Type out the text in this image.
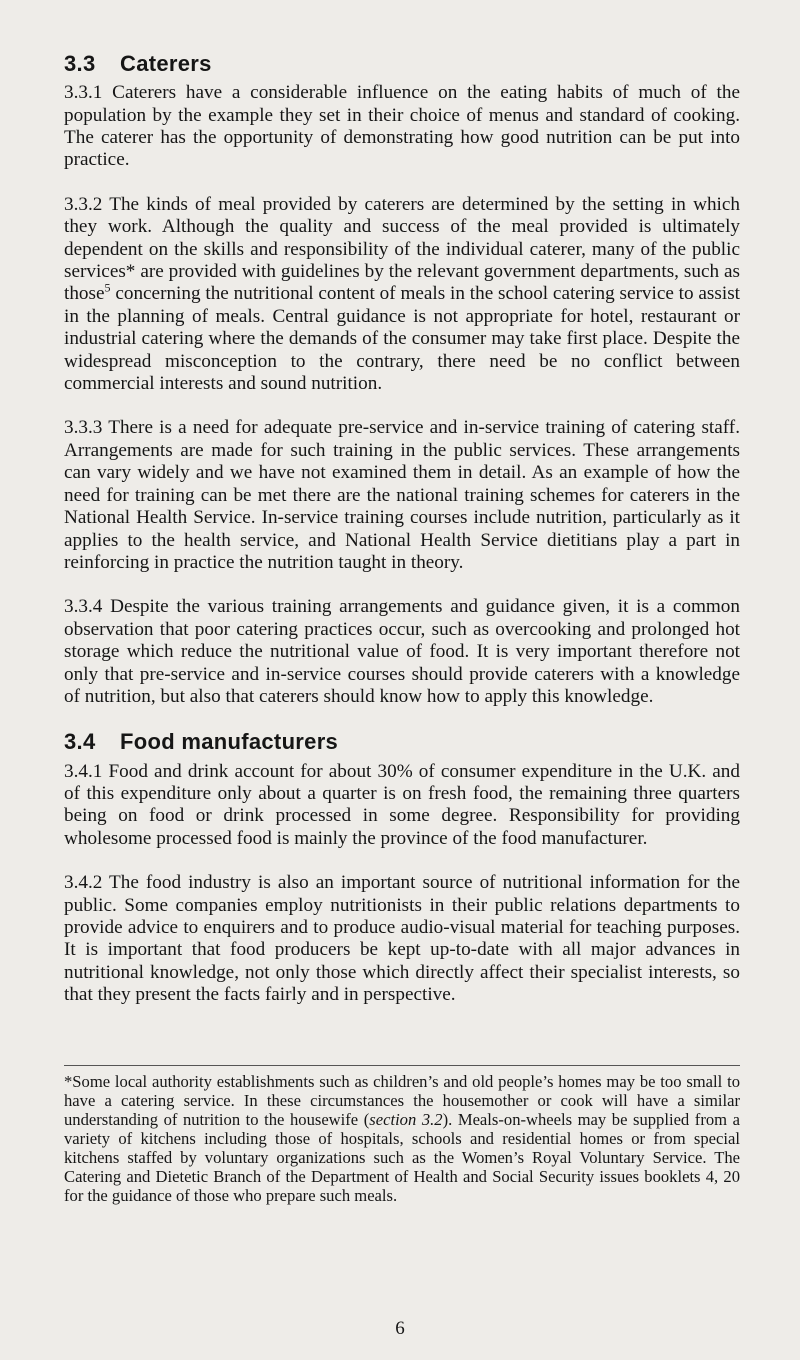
3.3 Caterers

3.3.1 Caterers have a considerable influence on the eating habits of much of the population by the example they set in their choice of menus and standard of cooking. The caterer has the opportunity of demonstrating how good nutrition can be put into practice.

3.3.2 The kinds of meal provided by caterers are determined by the setting in which they work. Although the quality and success of the meal provided is ultimately dependent on the skills and responsibility of the individual caterer, many of the public services* are provided with guidelines by the relevant government departments, such as those$^5$ concerning the nutritional content of meals in the school catering service to assist in the planning of meals. Central guidance is not appropriate for hotel, restaurant or industrial catering where the demands of the consumer may take first place. Despite the widespread misconception to the contrary, there need be no conflict between commercial interests and sound nutrition.

3.3.3 There is a need for adequate pre-service and in-service training of catering staff. Arrangements are made for such training in the public services. These arrangements can vary widely and we have not examined them in detail. As an example of how the need for training can be met there are the national training schemes for caterers in the National Health Service. In-service training courses include nutrition, particularly as it applies to the health service, and National Health Service dietitians play a part in reinforcing in practice the nutrition taught in theory.

3.3.4 Despite the various training arrangements and guidance given, it is a common observation that poor catering practices occur, such as overcooking and prolonged hot storage which reduce the nutritional value of food. It is very important therefore not only that pre-service and in-service courses should provide caterers with a knowledge of nutrition, but also that caterers should know how to apply this knowledge.

3.4 Food manufacturers

3.4.1 Food and drink account for about 30% of consumer expenditure in the U.K. and of this expenditure only about a quarter is on fresh food, the remaining three quarters being on food or drink processed in some degree. Responsibility for providing wholesome processed food is mainly the province of the food manufacturer.

3.4.2 The food industry is also an important source of nutritional information for the public. Some companies employ nutritionists in their public relations departments to provide advice to enquirers and to produce audio-visual material for teaching purposes. It is important that food producers be kept up-to-date with all major advances in nutritional knowledge, not only those which directly affect their specialist interests, so that they present the facts fairly and in perspective.

*Some local authority establishments such as children’s and old people’s homes may be too small to have a catering service. In these circumstances the housemother or cook will have a similar understanding of nutrition to the housewife (section 3.2). Meals-on-wheels may be supplied from a variety of kitchens including those of hospitals, schools and residential homes or from special kitchens staffed by voluntary organizations such as the Women’s Royal Voluntary Service. The Catering and Dietetic Branch of the Department of Health and Social Security issues booklets 4, 20 for the guidance of those who prepare such meals.

6
